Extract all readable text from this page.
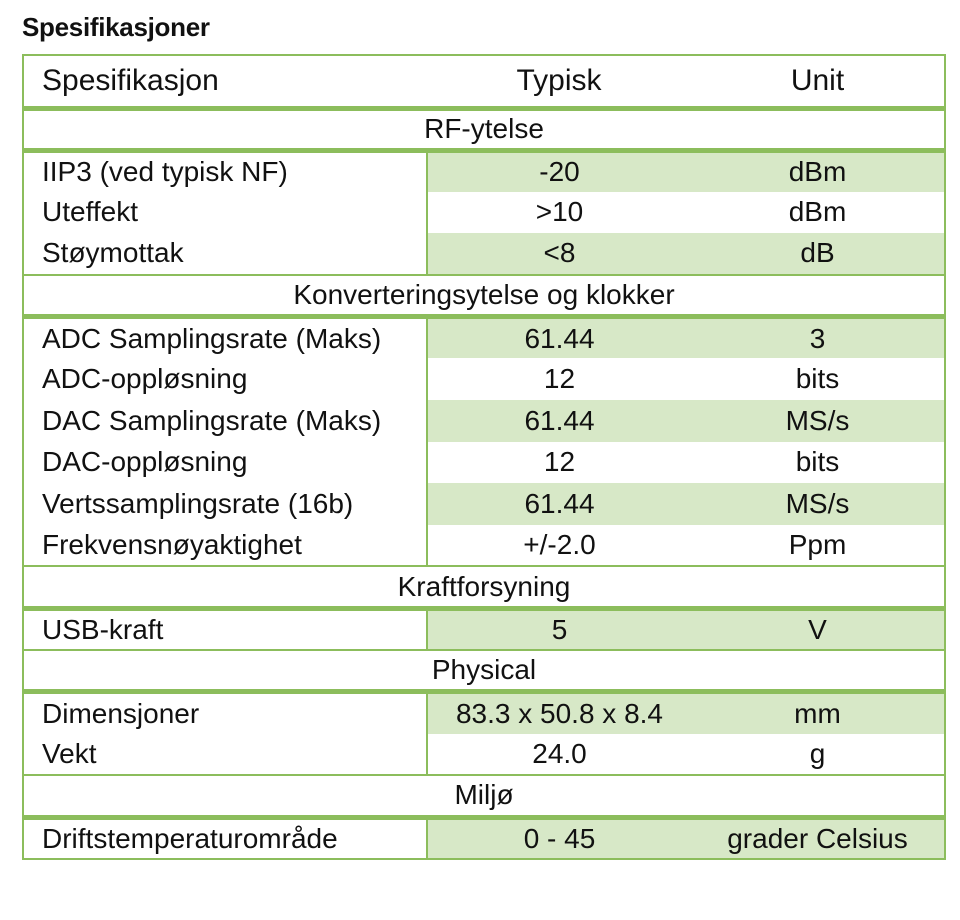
Spesifikasjoner
Spesifikasjon	Typisk	Unit
RF-ytelse		
IIP3 (ved typisk NF)	-20	dBm
Uteffekt	>10	dBm
Støymottak	<8	dB
Konverteringsytelse og klokker		
ADC Samplingsrate (Maks)	61.44	3
ADC-oppløsning	12	bits
DAC Samplingsrate (Maks)	61.44	MS/s
DAC-oppløsning	12	bits
Vertssamplingsrate (16b)	61.44	MS/s
Frekvensnøyaktighet	+/-2.0	Ppm
Kraftforsyning		
USB-kraft	5	V
Physical		
Dimensjoner	83.3 x 50.8 x 8.4	mm
Vekt	24.0	g
Miljø		
Driftstemperaturområde	0 - 45	grader Celsius
